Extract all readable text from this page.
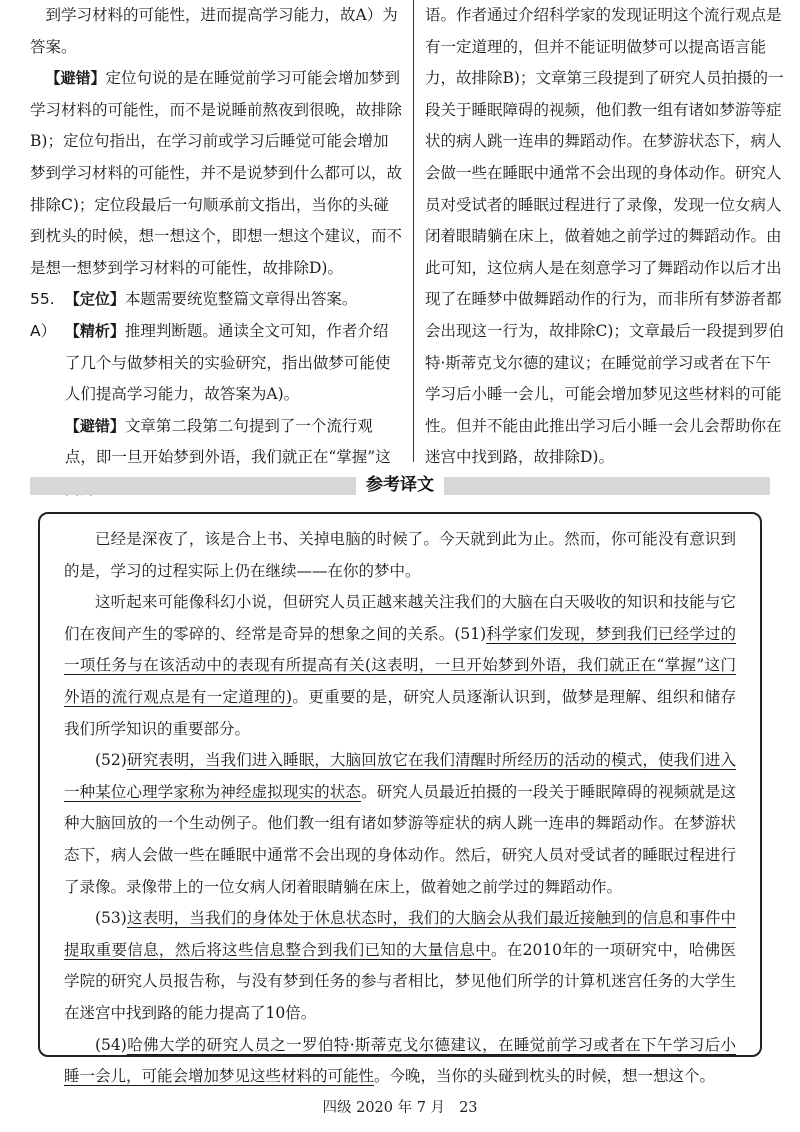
到学习材料的可能性，进而提高学习能力，故A）为答案。

【避错】定位句说的是在睡觉前学习可能会增加梦到学习材料的可能性，而不是说睡前熬夜到很晚，故排除B)；定位句指出，在学习前或学习后睡觉可能会增加梦到学习材料的可能性，并不是说梦到什么都可以，故排除C)；定位段最后一句顺承前文指出，当你的头碰到枕头的时候，想一想这个，即想一想这个建议，而不是想一想梦到学习材料的可能性，故排除D)。

55. 【定位】本题需要统览整篇文章得出答案。

A） 【精析】推理判断题。通读全文可知，作者介绍了几个与做梦相关的实验研究，指出做梦可能使人们提高学习能力，故答案为A)。

【避错】文章第二段第二句提到了一个流行观点，即一旦开始梦到外语，我们就正在“掌握”这

语。作者通过介绍科学家的发现证明这个流行观点是有一定道理的，但并不能证明做梦可以提高语言能力，故排除B)；文章第三段提到了研究人员拍摄的一段关于睡眠障碍的视频，他们教一组有诸如梦游等症状的病人跳一连串的舞蹈动作。在梦游状态下，病人会做一些在睡眠中通常不会出现的身体动作。研究人员对受试者的睡眠过程进行了录像，发现一位女病人闭着眼睛躺在床上，做着她之前学过的舞蹈动作。由此可知，这位病人是在刻意学习了舞蹈动作以后才出现了在睡梦中做舞蹈动作的行为，而非所有梦游者都会出现这一行为，故排除C)；文章最后一段提到罗伯特·斯蒂克戈尔德的建议；在睡觉前学习或者在下午学习后小睡一会儿，可能会增加梦见这些材料的可能性。但并不能由此推出学习后小睡一会儿会帮助你在迷宫中找到路，故排除D)。

参考译文

已经是深夜了，该是合上书、关掉电脑的时候了。今天就到此为止。然而，你可能没有意识到的是，学习的过程实际上仍在继续——在你的梦中。

这听起来可能像科幻小说，但研究人员正越来越关注我们的大脑在白天吸收的知识和技能与它们在夜间产生的零碎的、经常是奇异的想象之间的关系。(51)科学家们发现，梦到我们已经学过的一项任务与在该活动中的表现有所提高有关(这表明，一旦开始梦到外语，我们就正在“掌握”这门外语的流行观点是有一定道理的)。更重要的是，研究人员逐渐认识到，做梦是理解、组织和储存我们所学知识的重要部分。

(52)研究表明，当我们进入睡眠，大脑回放它在我们清醒时所经历的活动的模式，使我们进入一种某位心理学家称为神经虚拟现实的状态。研究人员最近拍摄的一段关于睡眠障碍的视频就是这种大脑回放的一个生动例子。他们教一组有诸如梦游等症状的病人跳一连串的舞蹈动作。在梦游状态下，病人会做一些在睡眠中通常不会出现的身体动作。然后，研究人员对受试者的睡眠过程进行了录像。录像带上的一位女病人闭着眼睛躺在床上，做着她之前学过的舞蹈动作。

(53)这表明，当我们的身体处于休息状态时，我们的大脑会从我们最近接触到的信息和事件中提取重要信息，然后将这些信息整合到我们已知的大量信息中。在2010年的一项研究中，哈佛医学院的研究人员报告称，与没有梦到任务的参与者相比，梦见他们所学的计算机迷宫任务的大学生在迷宫中找到路的能力提高了10倍。

(54)哈佛大学的研究人员之一罗伯特·斯蒂克戈尔德建议，在睡觉前学习或者在下午学习后小睡一会儿，可能会增加梦见这些材料的可能性。今晚，当你的头碰到枕头的时候，想一想这个。

四级 2020 年 7 月 23
